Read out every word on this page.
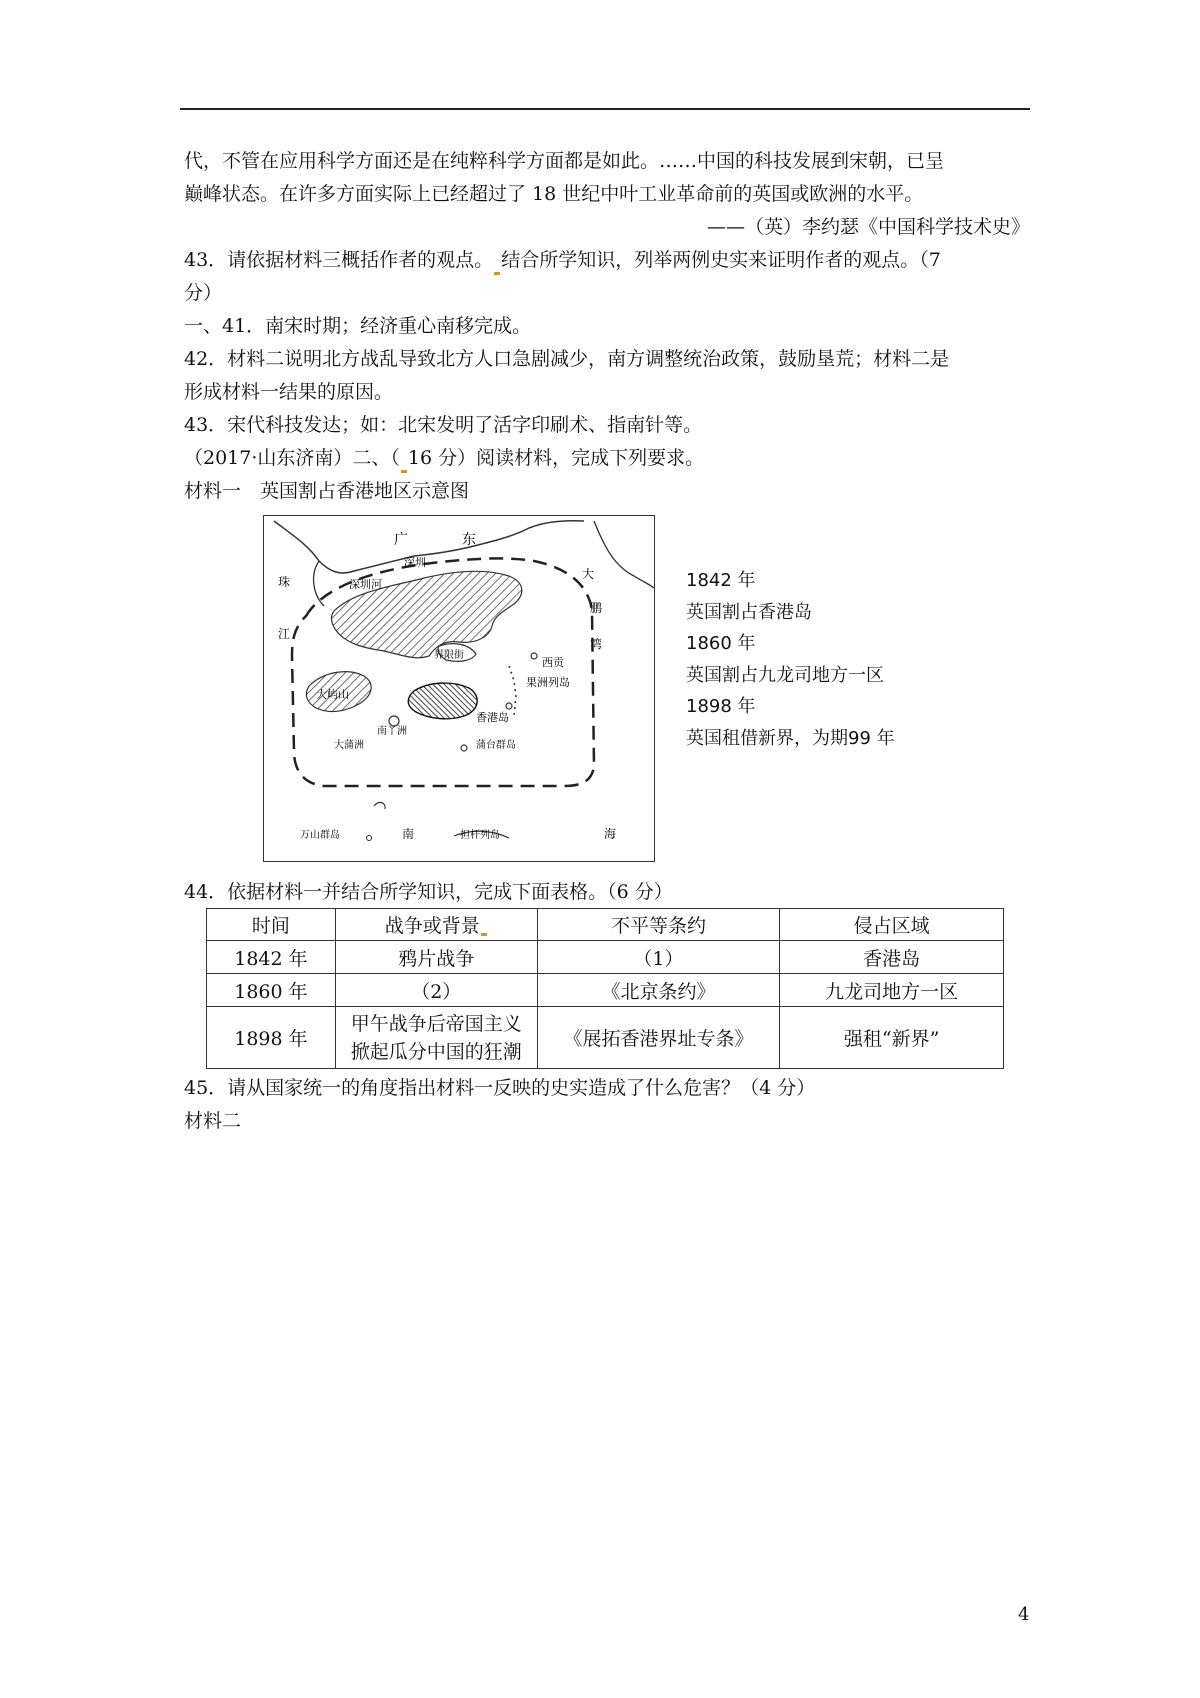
代，不管在应用科学方面还是在纯粹科学方面都是如此。……中国的科技发展到宋朝，已呈
巅峰状态。在许多方面实际上已经超过了 18 世纪中叶工业革命前的英国或欧洲的水平。
——（英）李约瑟《中国科学技术史》
43．请依据材料三概括作者的观点。 结合所学知识，列举两例史实来证明作者的观点。（7
分）
一、41．南宋时期；经济重心南移完成。
42．材料二说明北方战乱导致北方人口急剧减少，南方调整统治政策，鼓励垦荒；材料二是
形成材料一结果的原因。
43．宋代科技发达；如：北宋发明了活字印刷术、指南针等。
（2017·山东济南）二、（ 16 分）阅读材料，完成下列要求。
材料一　英国割占香港地区示意图
广	东
深圳
深圳河
珠
江
大
鹏
湾
大屿山
界限街
西贡
果洲列岛
香港岛
南丫洲
大蒲洲	蒲台群岛
万山群岛	南	担杆列岛	海
1842 年
英国割占香港岛
1860 年
英国割占九龙司地方一区
1898 年
英国租借新界，为期99 年
44．依据材料一并结合所学知识，完成下面表格。（6 分）
时间	战争或背景	不平等条约	侵占区域
1842 年	鸦片战争	（1）	香港岛
1860 年	（2）	《北京条约》	九龙司地方一区
1898 年	甲午战争后帝国主义
掀起瓜分中国的狂潮	《展拓香港界址专条》	强租“新界”
45．请从国家统一的角度指出材料一反映的史实造成了什么危害？（4 分）
材料二
4
